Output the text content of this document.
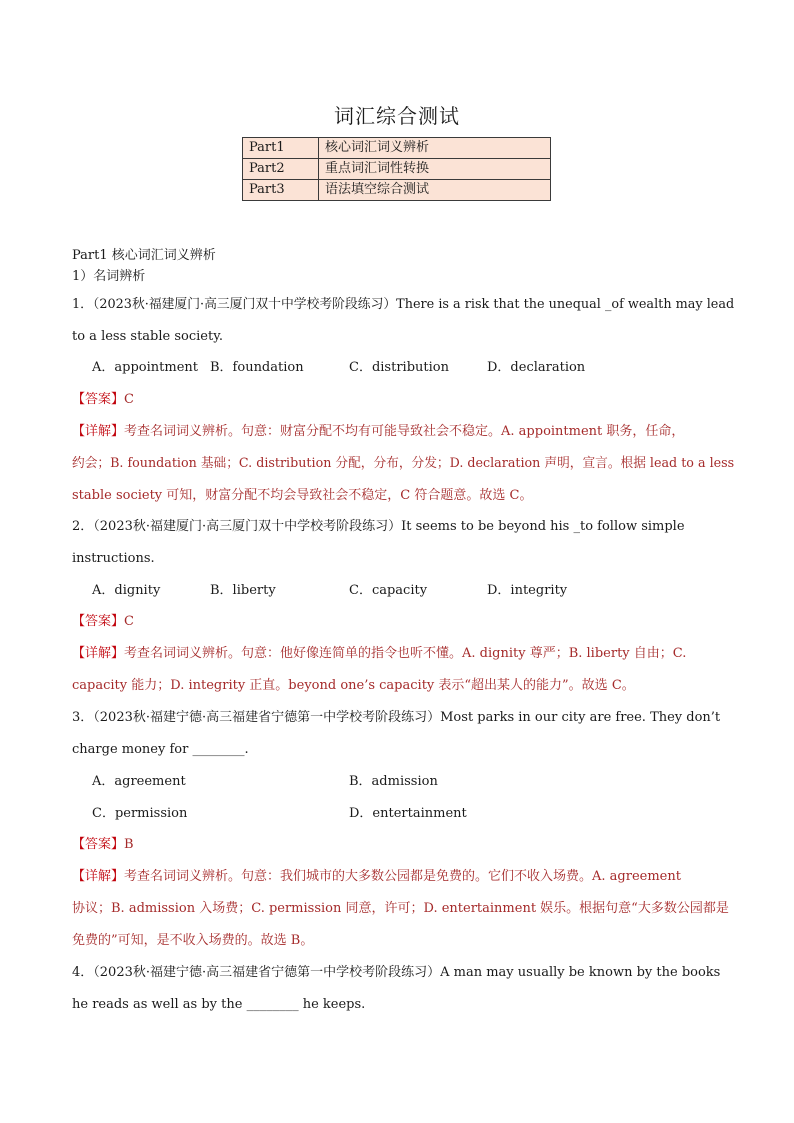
词汇综合测试
Part1	核心词汇词义辨析
Part2	重点词汇词性转换
Part3	语法填空综合测试
Part1 核心词汇词义辨析
1）名词辨析
1．（2023秋·福建厦门·高三厦门双十中学校考阶段练习）There is a risk that the unequal _of wealth may lead
to a less stable society.
A．appointment B．foundation	C．distribution	D．declaration
【答案】C
【详解】考查名词词义辨析。句意：财富分配不均有可能导致社会不稳定。A. appointment 职务，任命，
约会；B. foundation 基础；C. distribution 分配，分布，分发；D. declaration 声明，宣言。根据 lead to a less
stable society 可知，财富分配不均会导致社会不稳定，C 符合题意。故选 C。
2．（2023秋·福建厦门·高三厦门双十中学校考阶段练习）It seems to be beyond his _to follow simple
instructions.
A．dignity	B．liberty	C．capacity	D．integrity
【答案】C
【详解】考查名词词义辨析。句意：他好像连简单的指令也听不懂。A. dignity 尊严；B. liberty 自由；C.
capacity 能力；D. integrity 正直。beyond one’s capacity 表示“超出某人的能力”。故选 C。
3．（2023秋·福建宁德·高三福建省宁德第一中学校考阶段练习）Most parks in our city are free. They don’t
charge money for ________.
A．agreement	B．admission
C．permission	D．entertainment
【答案】B
【详解】考查名词词义辨析。句意：我们城市的大多数公园都是免费的。它们不收入场费。A. agreement
协议；B. admission 入场费；C. permission 同意，许可；D. entertainment 娱乐。根据句意“大多数公园都是
免费的”可知，是不收入场费的。故选 B。
4．（2023秋·福建宁德·高三福建省宁德第一中学校考阶段练习）A man may usually be known by the books
he reads as well as by the ________ he keeps.
